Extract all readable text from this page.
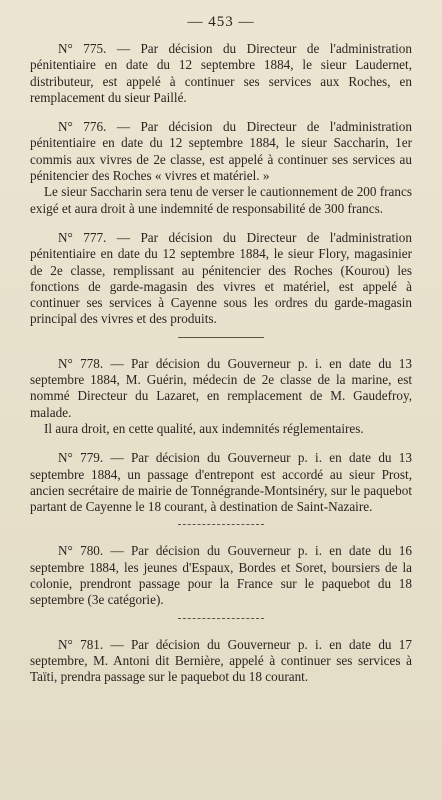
— 453 —

N° 775. — Par décision du Directeur de l'administration pénitentiaire en date du 12 septembre 1884, le sieur Laudernet, distributeur, est appelé à continuer ses services aux Roches, en remplacement du sieur Paillé.

N° 776. — Par décision du Directeur de l'administration pénitentiaire en date du 12 septembre 1884, le sieur Saccharin, 1er commis aux vivres de 2e classe, est appelé à continuer ses services au pénitencier des Roches « vivres et matériel. »

Le sieur Saccharin sera tenu de verser le cautionnement de 200 francs exigé et aura droit à une indemnité de responsabilité de 300 francs.

N° 777. — Par décision du Directeur de l'administration pénitentiaire en date du 12 septembre 1884, le sieur Flory, magasinier de 2e classe, remplissant au pénitencier des Roches (Kourou) les fonctions de garde-magasin des vivres et matériel, est appelé à continuer ses services à Cayenne sous les ordres du garde-magasin principal des vivres et des produits.

N° 778. — Par décision du Gouverneur p. i. en date du 13 septembre 1884, M. Guérin, médecin de 2e classe de la marine, est nommé Directeur du Lazaret, en remplacement de M. Gaudefroy, malade.

Il aura droit, en cette qualité, aux indemnités réglementaires.

N° 779. — Par décision du Gouverneur p. i. en date du 13 septembre 1884, un passage d'entrepont est accordé au sieur Prost, ancien secrétaire de mairie de Tonnégrande-Montsinéry, sur le paquebot partant de Cayenne le 18 courant, à destination de Saint-Nazaire.

N° 780. — Par décision du Gouverneur p. i. en date du 16 septembre 1884, les jeunes d'Espaux, Bordes et Soret, boursiers de la colonie, prendront passage pour la France sur le paquebot du 18 septembre (3e catégorie).

N° 781. — Par décision du Gouverneur p. i. en date du 17 septembre, M. Antoni dit Bernière, appelé à continuer ses services à Taïti, prendra passage sur le paquebot du 18 courant.
